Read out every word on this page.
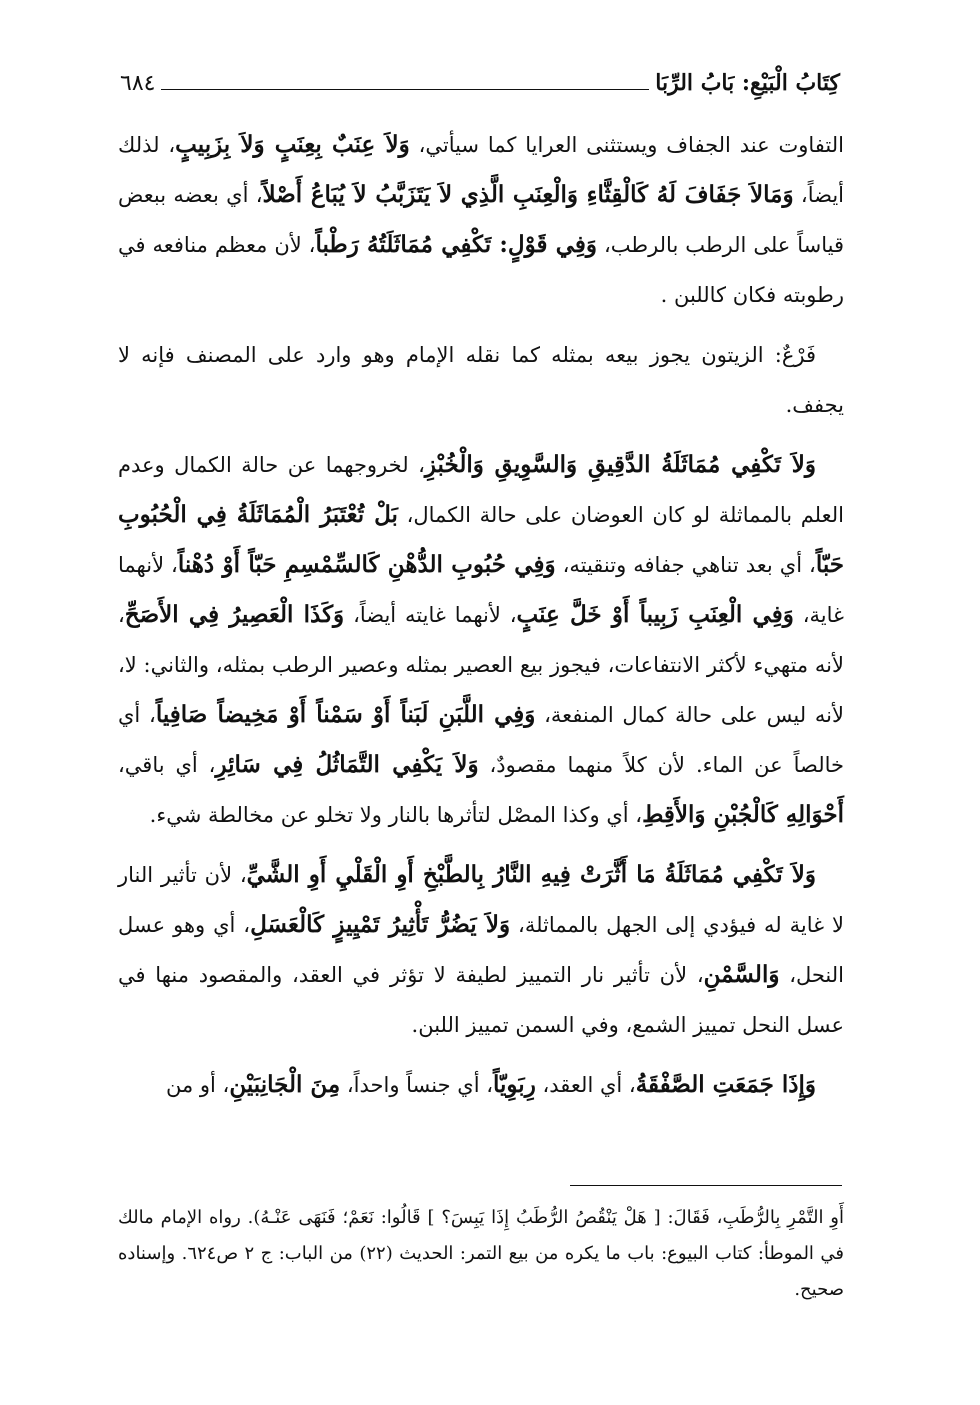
كِتَابُ الْبَيْعِ: بَابُ الرِّبَا
٦٨٤

التفاوت عند الجفاف ويستثنى العرايا كما سيأتي، وَلاَ عِنَبٌ بِعِنَبٍ وَلاَ بِزَبِيبٍ، لذلك أيضاً، وَمَالاَ جَفَافَ لَهُ كَالْقِثَّاءِ وَالْعِنَبِ الَّذِي لاَ يَتَزَبَّبُ لاَ يُبَاعُ أَصْلاً، أي بعضه ببعض قياساً على الرطب بالرطب، وَفِي قَوْلٍ: تَكْفِي مُمَاثَلَتُهُ رَطْباً، لأن معظم منافعه في رطوبته فكان كاللبن .

فَرْعٌ: الزيتون يجوز بيعه بمثله كما نقله الإمام وهو وارد على المصنف فإنه لا يجفف.

وَلاَ تَكْفِي مُمَاثَلَةُ الدَّقِيقِ وَالسَّوِيقِ وَالْخُبْزِ، لخروجهما عن حالة الكمال وعدم العلم بالمماثلة لو كان العوضان على حالة الكمال، بَلْ تُعْتَبَرُ الْمُمَاثَلَةُ فِي الْحُبُوبِ حَبّاً، أي بعد تناهي جفافه وتنقيته، وَفِي حُبُوبِ الدُّهْنِ كَالسِّمْسِمِ حَبّاً أَوْ دُهْناً، لأنهما غاية، وَفِي الْعِنَبِ زَبِيباً أَوْ خَلَّ عِنَبٍ، لأنهما غايته أيضاً، وَكَذَا الْعَصِيرُ فِي الأَصَحِّ، لأنه متهيء لأكثر الانتفاعات، فيجوز بيع العصير بمثله وعصير الرطب بمثله، والثاني: لا، لأنه ليس على حالة كمال المنفعة، وَفِي اللَّبَنِ لَبَناً أَوْ سَمْناً أَوْ مَخِيضاً صَافِياً، أي خالصاً عن الماء. لأن كلاً منهما مقصودٌ، وَلاَ يَكْفِي التَّمَاثُلُ فِي سَائِرِ، أي باقي، أَحْوَالِهِ كَالْجُبْنِ وَالأَقِطِ، أي وكذا المصْل لتأثرها بالنار ولا تخلو عن مخالطة شيء.

وَلاَ تَكْفِي مُمَاثَلَةُ مَا أَثَّرَتْ فِيهِ النَّارُ بِالطَّبْخِ أَوِ الْقَلْيِ أَوِ الشَّيِّ، لأن تأثير النار لا غاية له فيؤدي إلى الجهل بالمماثلة، وَلاَ يَضُرُّ تَأْثِيرُ تَمْيِيزٍ كَالْعَسَلِ، أي وهو عسل النحل، وَالسَّمْنِ، لأن تأثير نار التمييز لطيفة لا تؤثر في العقد، والمقصود منها في عسل النحل تمييز الشمع، وفي السمن تمييز اللبن.

وَإِذَا جَمَعَتِ الصَّفْقَةُ، أي العقد، رِبَوِيّاً، أي جنساً واحداً، مِنَ الْجَانِبَيْنِ، أو من

أَوِ التَّمْرِ بِالرُّطَبِ، فَقَالَ: [ هَلْ يَنْقُصُ الرُّطَبُ إِذَا يَبِسَ؟ ] قَالُوا: نَعَمْ؛ فَنَهَى عَنْـهُ). رواه الإمام مالك في الموطأ: كتاب البيوع: باب ما يكره من بيع التمر: الحديث (٢٢) من الباب: ج ٢ ص٦٢٤. وإسناده صحيح.
